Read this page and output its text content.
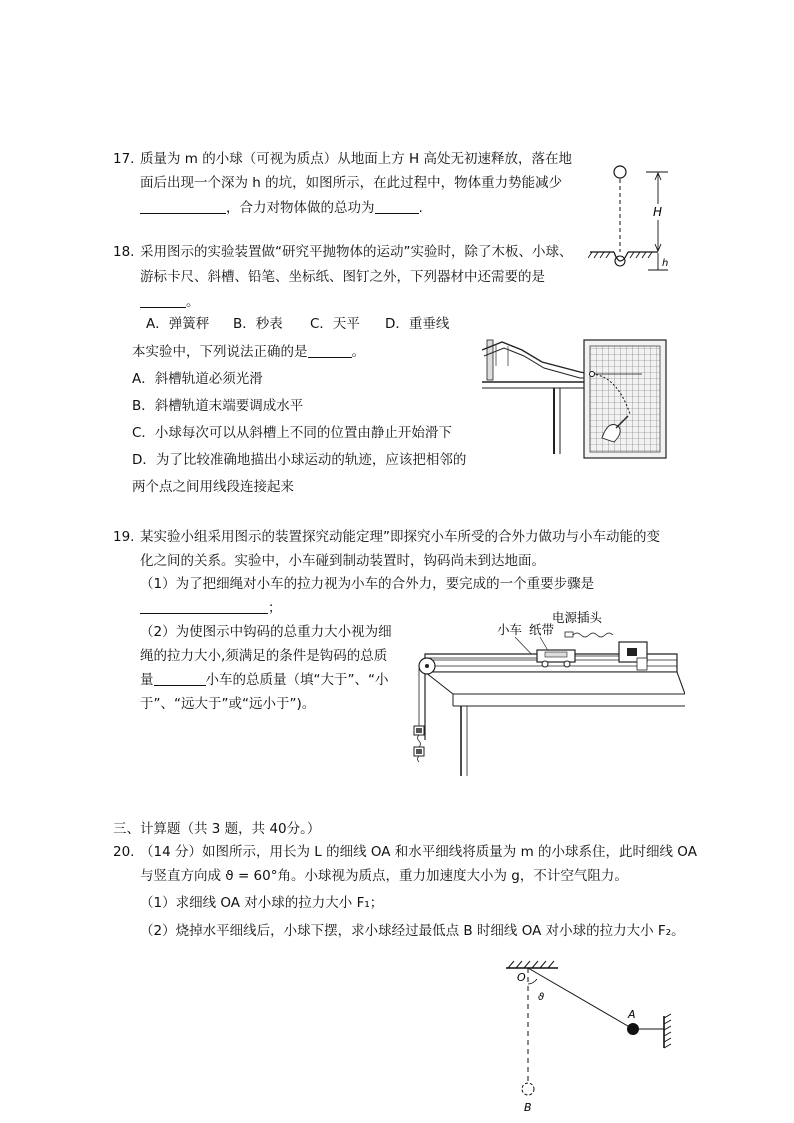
17. 质量为 m 的小球（可视为质点）从地面上方 H 高处无初速释放，落在地
面后出现一个深为 h 的坑，如图所示，在此过程中，物体重力势能减少
，合力对物体做的总功为	.	H
h
18. 采用图示的实验装置做“研究平抛物体的运动”实验时，除了木板、小球、
游标卡尺、斜槽、铅笔、坐标纸、图钉之外，下列器材中还需要的是
。
A．弹簧秤 B．秒表 C．天平 D．重垂线
本实验中，下列说法正确的是	。
A．斜槽轨道必须光滑
B．斜槽轨道末端要调成水平
C．小球每次可以从斜槽上不同的位置由静止开始滑下
D．为了比较准确地描出小球运动的轨迹，应该把相邻的
两个点之间用线段连接起来
19. 某实验小组采用图示的装置探究动能定理”即探究小车所受的合外力做功与小车动能的变
化之间的关系。实验中，小车碰到制动装置时，钩码尚未到达地面。
（1）为了把细绳对小车的拉力视为小车的合外力，要完成的一个重要步骤是
；
（2）为使图示中钩码的总重力大小视为细
绳的拉力大小,须满足的条件是钩码的总质
量	小车的总质量（填“大于”、“小
于”、“远大于”或“远小于”)。
小车 纸带
电源插头
三、计算题（共 3 题，共 40分。）
20. （14 分）如图所示，用长为 L 的细线 OA 和水平细线将质量为 m 的小球系住，此时细线 OA
与竖直方向成 ϑ = 60°角。小球视为质点，重力加速度大小为 g，不计空气阻力。
（1）求细线 OA 对小球的拉力大小 F₁；
（2）烧掉水平细线后，小球下摆，求小球经过最低点 B 时细线 OA 对小球的拉力大小 F₂。
O
ϑ
A
B
